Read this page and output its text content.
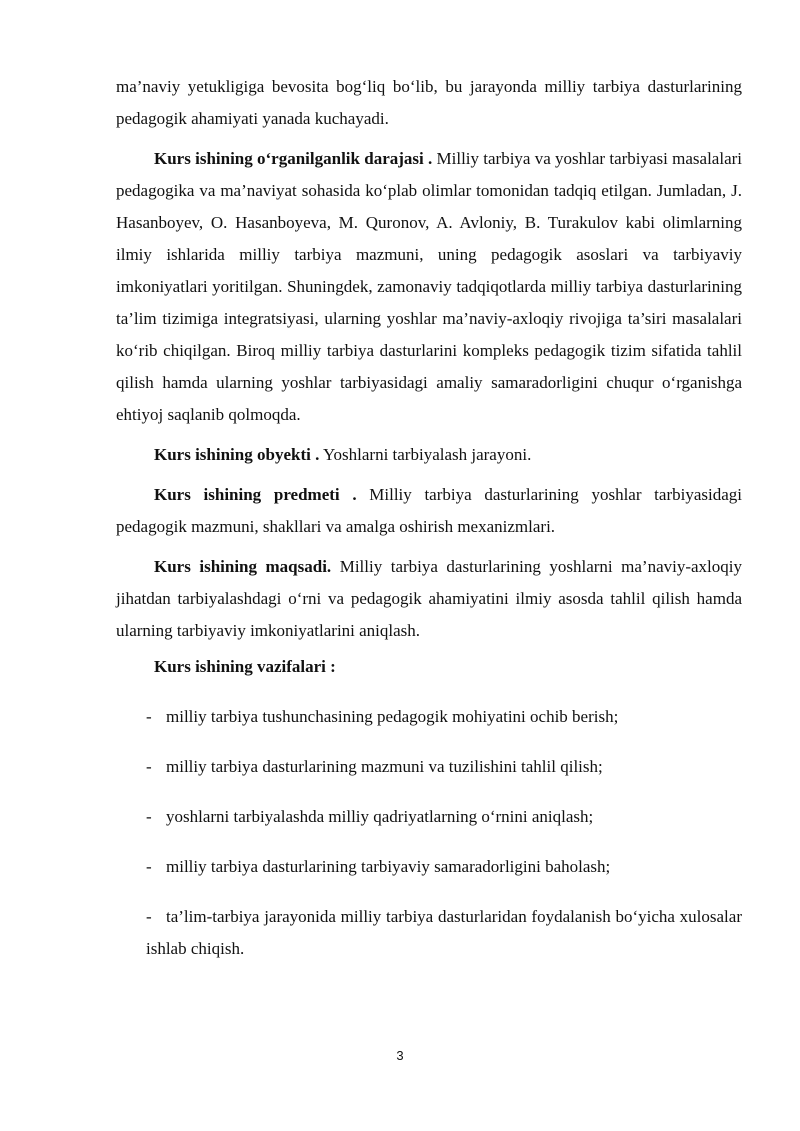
ma’naviy yetukligiga bevosita bog‘liq bo‘lib, bu jarayonda milliy tarbiya dasturlarining pedagogik ahamiyati yanada kuchayadi.

Kurs ishining o‘rganilganlik darajasi . Milliy tarbiya va yoshlar tarbiyasi masalalari pedagogika va ma’naviyat sohasida ko‘plab olimlar tomonidan tadqiq etilgan. Jumladan, J. Hasanboyev, O. Hasanboyeva, M. Quronov, A. Avloniy, B. Turakulov kabi olimlarning ilmiy ishlarida milliy tarbiya mazmuni, uning pedagogik asoslari va tarbiyaviy imkoniyatlari yoritilgan. Shuningdek, zamonaviy tadqiqotlarda milliy tarbiya dasturlarining ta’lim tizimiga integratsiyasi, ularning yoshlar ma’naviy-axloqiy rivojiga ta’siri masalalari ko‘rib chiqilgan. Biroq milliy tarbiya dasturlarini kompleks pedagogik tizim sifatida tahlil qilish hamda ularning yoshlar tarbiyasidagi amaliy samaradorligini chuqur o‘rganishga ehtiyoj saqlanib qolmoqda.

Kurs ishining obyekti . Yoshlarni tarbiyalash jarayoni.

Kurs ishining predmeti . Milliy tarbiya dasturlarining yoshlar tarbiyasidagi pedagogik mazmuni, shakllari va amalga oshirish mexanizmlari.

Kurs ishining maqsadi. Milliy tarbiya dasturlarining yoshlarni ma’naviy-axloqiy jihatdan tarbiyalashdagi o‘rni va pedagogik ahamiyatini ilmiy asosda tahlil qilish hamda ularning tarbiyaviy imkoniyatlarini aniqlash.

Kurs ishining vazifalari :

- milliy tarbiya tushunchasining pedagogik mohiyatini ochib berish;
- milliy tarbiya dasturlarining mazmuni va tuzilishini tahlil qilish;
- yoshlarni tarbiyalashda milliy qadriyatlarning o‘rnini aniqlash;
- milliy tarbiya dasturlarining tarbiyaviy samaradorligini baholash;
- ta’lim-tarbiya jarayonida milliy tarbiya dasturlaridan foydalanish bo‘yicha xulosalar ishlab chiqish.
3
